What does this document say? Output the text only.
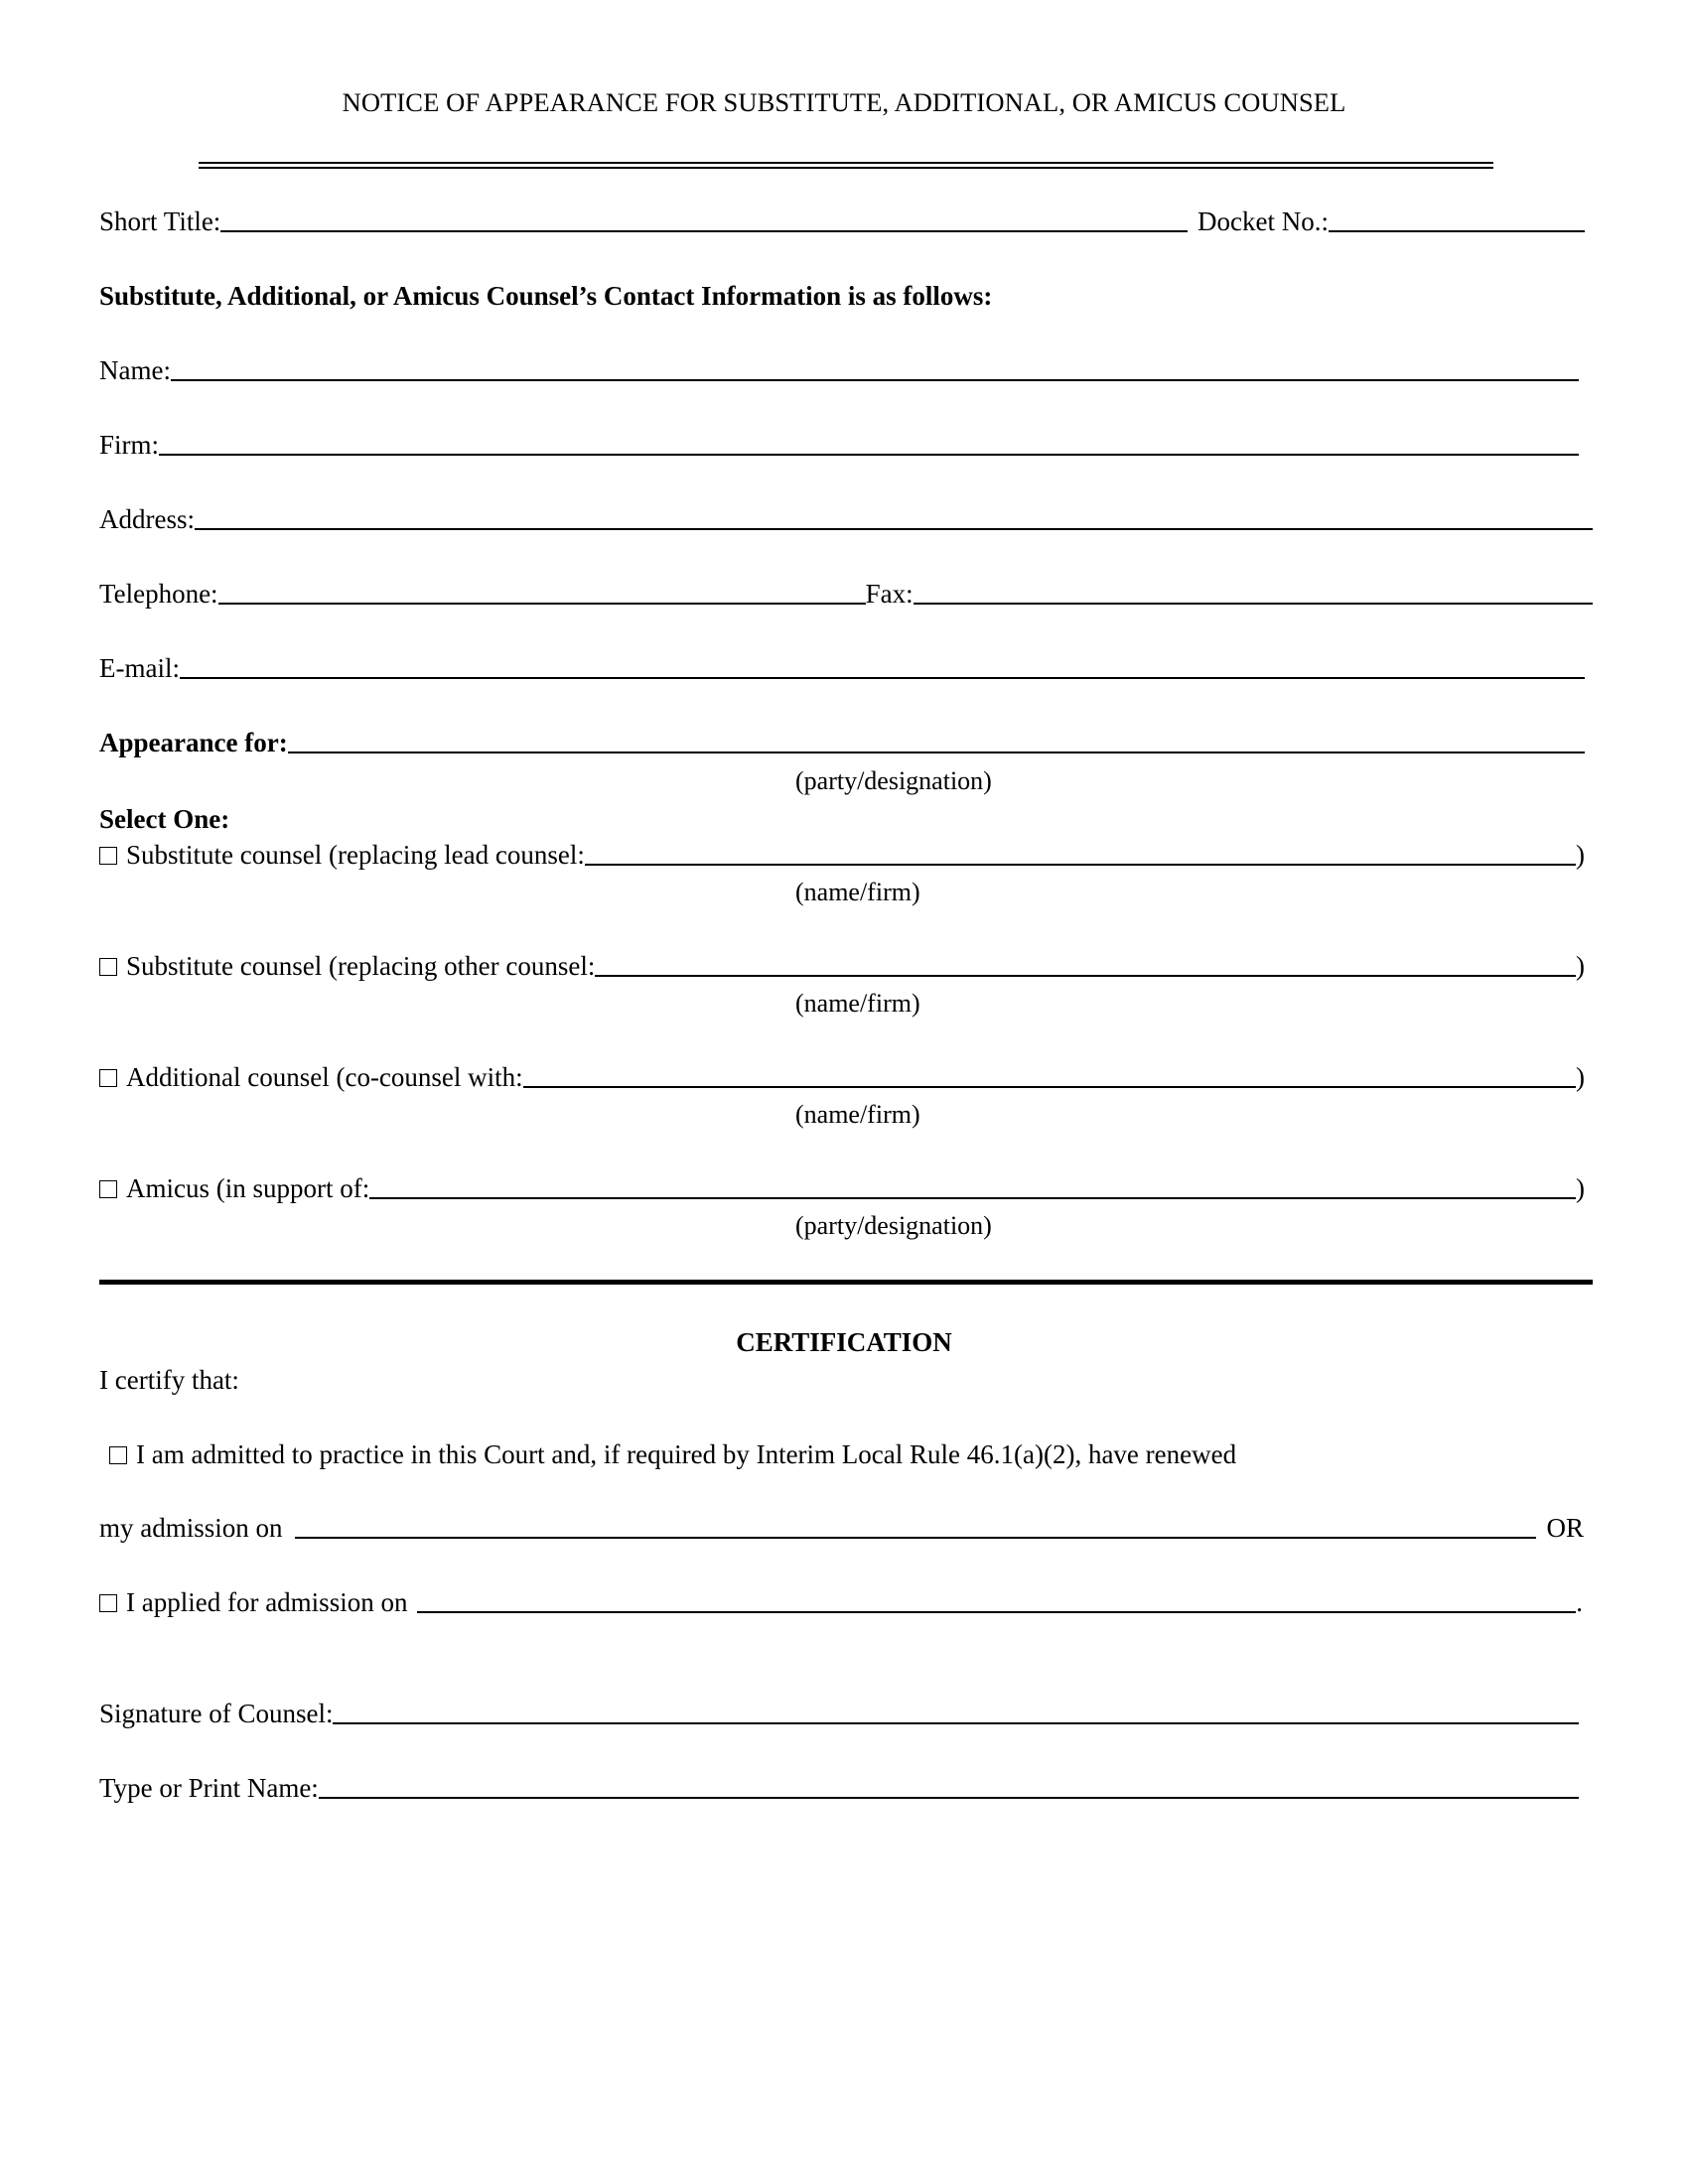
NOTICE OF APPEARANCE FOR SUBSTITUTE, ADDITIONAL, OR AMICUS COUNSEL
Short Title:	Docket No.:
Substitute, Additional, or Amicus Counsel’s Contact Information is as follows:
Name:
Firm:
Address:
Telephone:	Fax:
E-mail:
Appearance for:
(party/designation)
Select One:
Substitute counsel (replacing lead counsel:	)
(name/firm)
Substitute counsel (replacing other counsel:	)
(name/firm)
Additional counsel (co-counsel with:	)
(name/firm)
Amicus (in support of:	)
(party/designation)
CERTIFICATION
I certify that:
I am admitted to practice in this Court and, if required by Interim Local Rule 46.1(a)(2), have renewed
my admission on	OR
I applied for admission on	.
Signature of Counsel:
Type or Print Name:
